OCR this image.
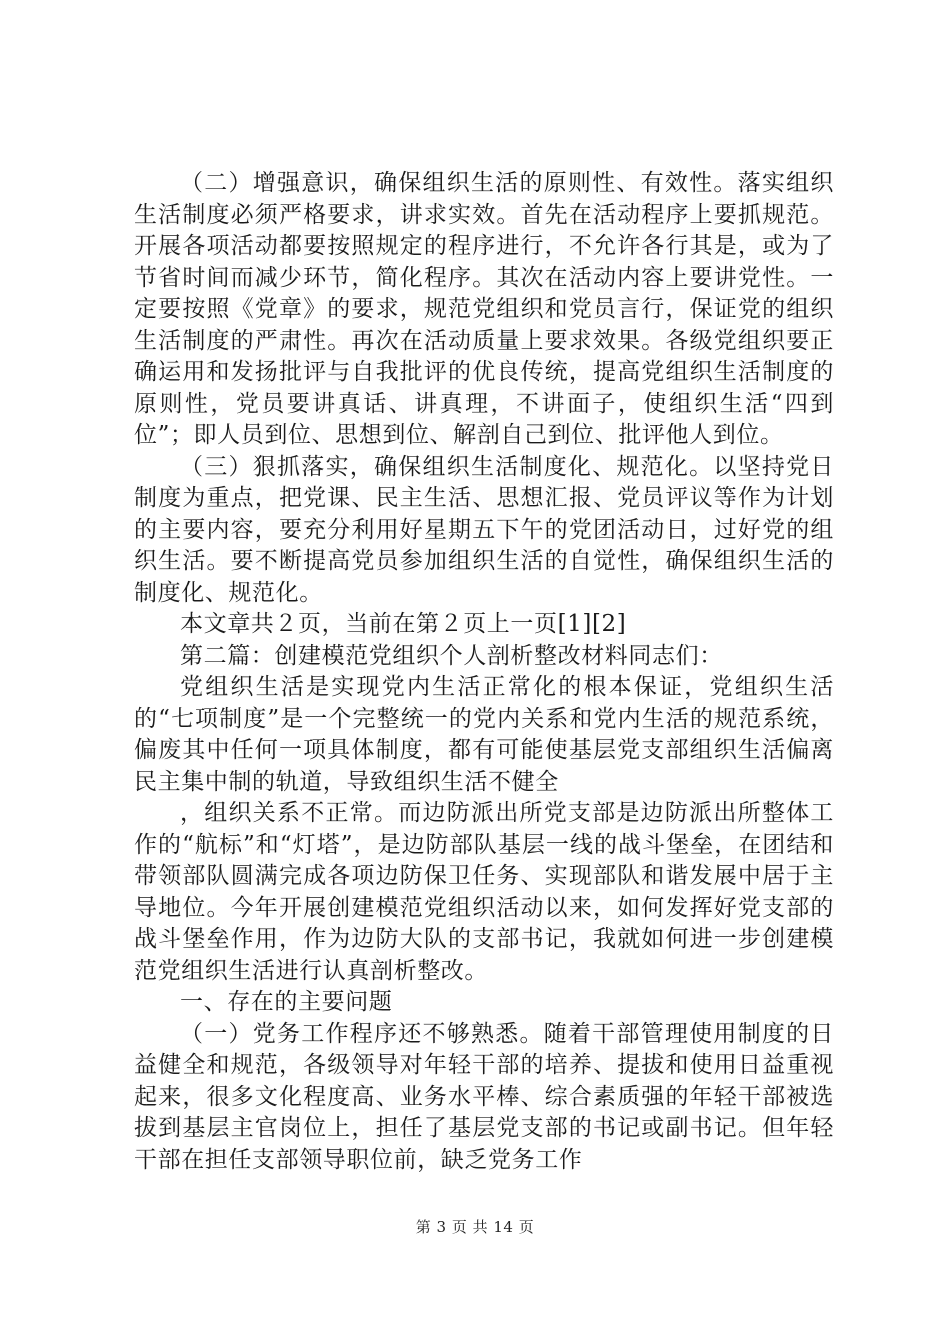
（二）增强意识，确保组织生活的原则性、有效性。落实组织生活制度必须严格要求，讲求实效。首先在活动程序上要抓规范。开展各项活动都要按照规定的程序进行，不允许各行其是，或为了节省时间而减少环节，简化程序。其次在活动内容上要讲党性。一定要按照《党章》的要求，规范党组织和党员言行，保证党的组织生活制度的严肃性。再次在活动质量上要求效果。各级党组织要正确运用和发扬批评与自我批评的优良传统，提高党组织生活制度的原则性，党员要讲真话、讲真理，不讲面子，使组织生活“四到位”；即人员到位、思想到位、解剖自己到位、批评他人到位。

（三）狠抓落实，确保组织生活制度化、规范化。以坚持党日制度为重点，把党课、民主生活、思想汇报、党员评议等作为计划的主要内容，要充分利用好星期五下午的党团活动日，过好党的组织生活。要不断提高党员参加组织生活的自觉性，确保组织生活的制度化、规范化。

本文章共２页，当前在第２页上一页[1][2]

第二篇：创建模范党组织个人剖析整改材料同志们：

党组织生活是实现党内生活正常化的根本保证，党组织生活的“七项制度”是一个完整统一的党内关系和党内生活的规范系统，偏废其中任何一项具体制度，都有可能使基层党支部组织生活偏离民主集中制的轨道，导致组织生活不健全

，组织关系不正常。而边防派出所党支部是边防派出所整体工作的“航标”和“灯塔”，是边防部队基层一线的战斗堡垒，在团结和带领部队圆满完成各项边防保卫任务、实现部队和谐发展中居于主导地位。今年开展创建模范党组织活动以来，如何发挥好党支部的战斗堡垒作用，作为边防大队的支部书记，我就如何进一步创建模范党组织生活进行认真剖析整改。

一、存在的主要问题

（一）党务工作程序还不够熟悉。随着干部管理使用制度的日益健全和规范，各级领导对年轻干部的培养、提拔和使用日益重视起来，很多文化程度高、业务水平棒、综合素质强的年轻干部被选拔到基层主官岗位上，担任了基层党支部的书记或副书记。但年轻干部在担任支部领导职位前，缺乏党务工作

第 3 页 共 14 页
